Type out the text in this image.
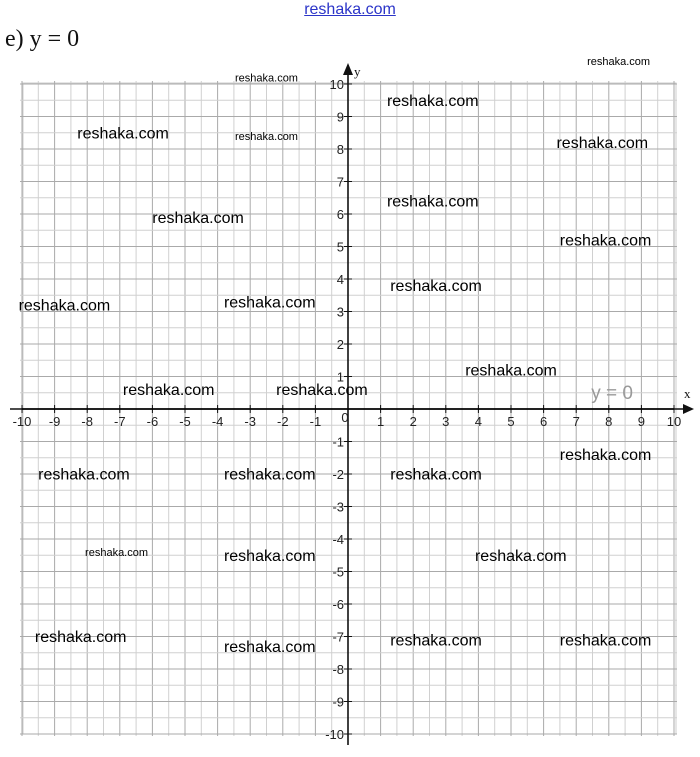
reshaka.com
e) y = 0
x
y
-10 -9 -8 -7 -6 -5 -4 -3 -2 -1	1 2 3 4 5 6 7 8 9 10
-10
-9
-8
-7
-6
-5
-4
-3
-2
-1
1
2
3
4
5
6
7
8
9
10
0
y = 0
reshaka.com
reshaka.com
reshaka.com
reshaka.com
reshaka.com
reshaka.com
reshaka.com
reshaka.com
reshaka.com
reshaka.com
reshaka.com	reshaka.com
reshaka.com
reshaka.com
reshaka.com	reshaka.com
reshaka.com	reshaka.com	reshaka.com
reshaka.com
reshaka.com	reshaka.com
reshaka.com
reshaka.com	reshaka.com	reshaka.com
